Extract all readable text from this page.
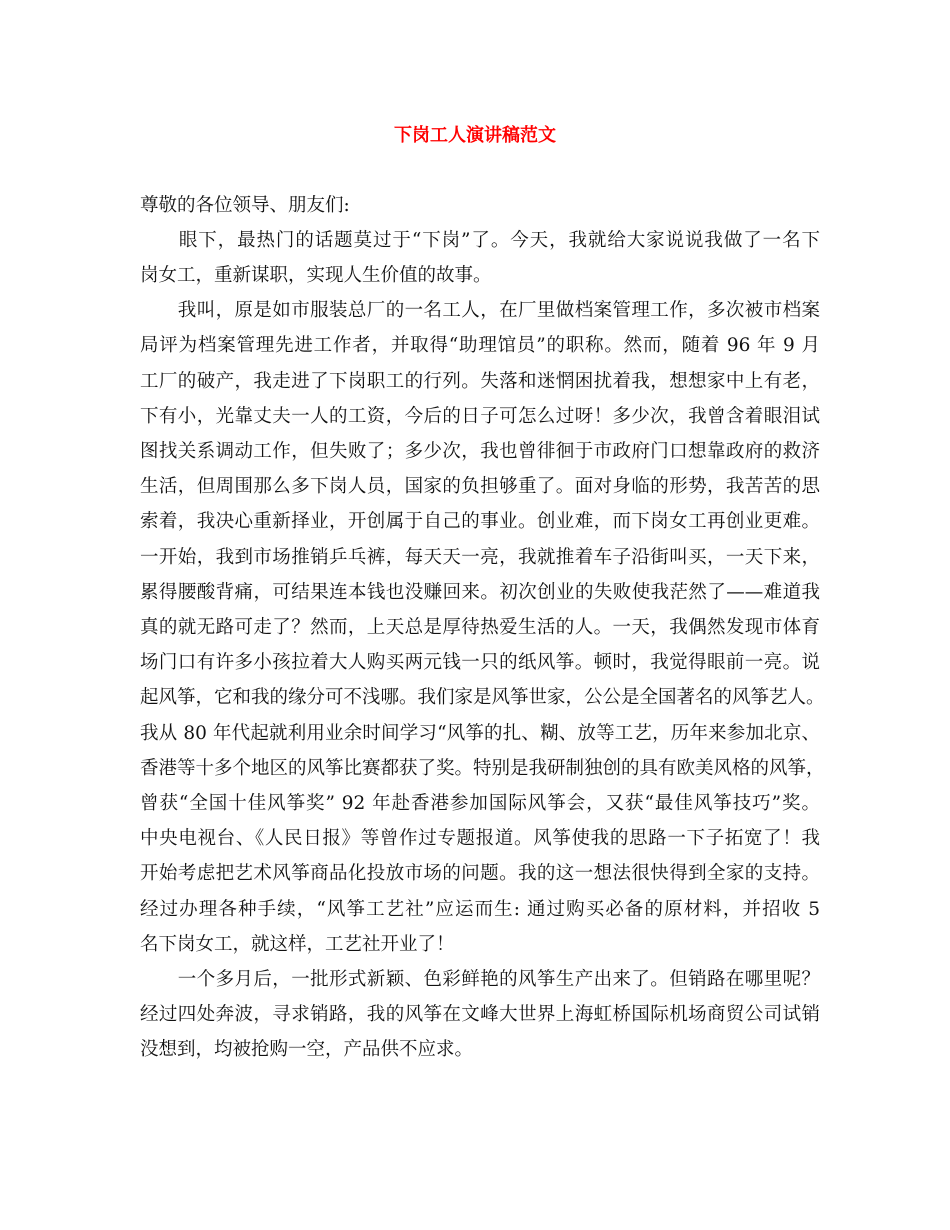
下岗工人演讲稿范文
尊敬的各位领导、朋友们:
　　眼下，最热门的话题莫过于“下岗”了。今天，我就给大家说说我做了一名下
岗女工，重新谋职，实现人生价值的故事。
　　我叫，原是如市服装总厂的一名工人，在厂里做档案管理工作，多次被市档案
局评为档案管理先进工作者，并取得“助理馆员”的职称。然而，随着 96 年 9 月
工厂的破产，我走进了下岗职工的行列。失落和迷惘困扰着我，想想家中上有老，
下有小，光靠丈夫一人的工资，今后的日子可怎么过呀！多少次，我曾含着眼泪试
图找关系调动工作，但失败了；多少次，我也曾徘徊于市政府门口想靠政府的救济
生活，但周围那么多下岗人员，国家的负担够重了。面对身临的形势，我苦苦的思
索着，我决心重新择业，开创属于自己的事业。创业难，而下岗女工再创业更难。
一开始，我到市场推销乒乓裤，每天天一亮，我就推着车子沿街叫买，一天下来，
累得腰酸背痛，可结果连本钱也没赚回来。初次创业的失败使我茫然了——难道我
真的就无路可走了？然而，上天总是厚待热爱生活的人。一天，我偶然发现市体育
场门口有许多小孩拉着大人购买两元钱一只的纸风筝。顿时，我觉得眼前一亮。说
起风筝，它和我的缘分可不浅哪。我们家是风筝世家，公公是全国著名的风筝艺人。
我从 80 年代起就利用业余时间学习“风筝的扎、糊、放等工艺，历年来参加北京、
香港等十多个地区的风筝比赛都获了奖。特别是我研制独创的具有欧美风格的风筝，
曾获“全国十佳风筝奖” 92 年赴香港参加国际风筝会，又获“最佳风筝技巧”奖。
中央电视台、《人民日报》等曾作过专题报道。风筝使我的思路一下子拓宽了！我
开始考虑把艺术风筝商品化投放市场的问题。我的这一想法很快得到全家的支持。
经过办理各种手续，“风筝工艺社”应运而生: 通过购买必备的原材料，并招收 5
名下岗女工，就这样，工艺社开业了！
　　一个多月后，一批形式新颖、色彩鲜艳的风筝生产出来了。但销路在哪里呢？
经过四处奔波，寻求销路，我的风筝在文峰大世界上海虹桥国际机场商贸公司试销
没想到，均被抢购一空，产品供不应求。
